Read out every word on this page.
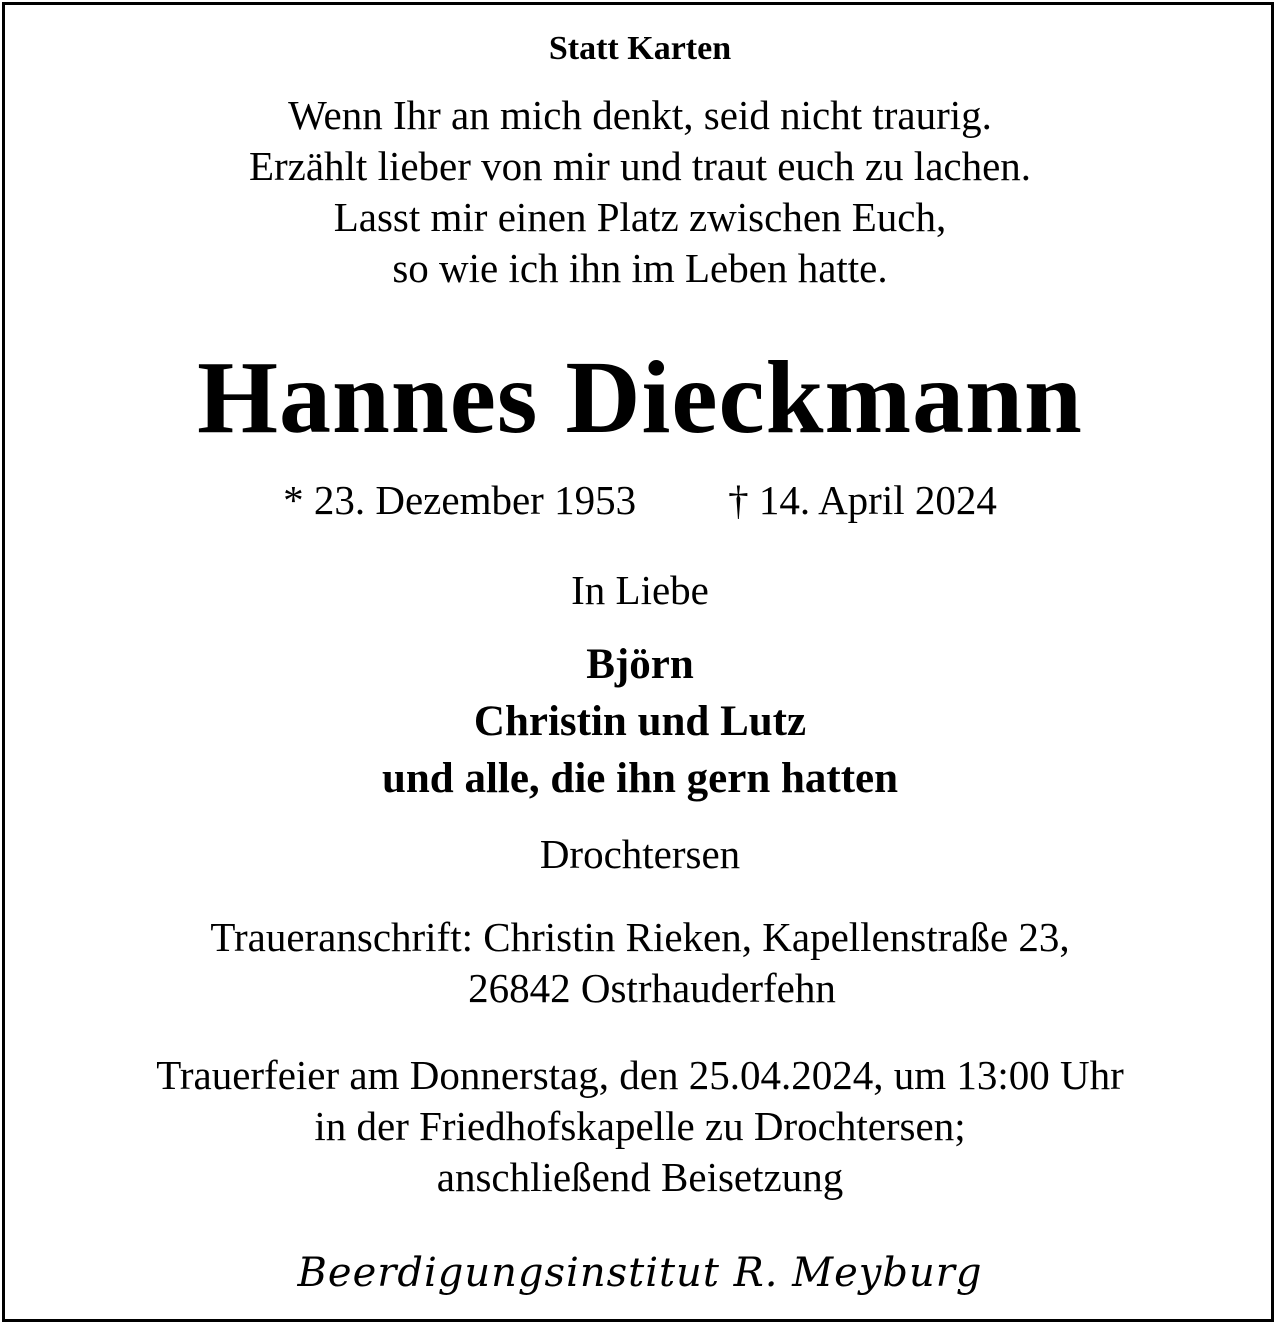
Statt Karten
Wenn Ihr an mich denkt, seid nicht traurig.
Erzählt lieber von mir und traut euch zu lachen.
Lasst mir einen Platz zwischen Euch,
so wie ich ihn im Leben hatte.
Hannes Dieckmann
* 23. Dezember 1953 † 14. April 2024
In Liebe
Björn
Christin und Lutz
und alle, die ihn gern hatten
Drochtersen
Traueranschrift: Christin Rieken, Kapellenstraße 23,
26842 Ostrhauderfehn
Trauerfeier am Donnerstag, den 25.04.2024, um 13:00 Uhr
in der Friedhofskapelle zu Drochtersen;
anschließend Beisetzung
Beerdigungsinstitut R. Meyburg
